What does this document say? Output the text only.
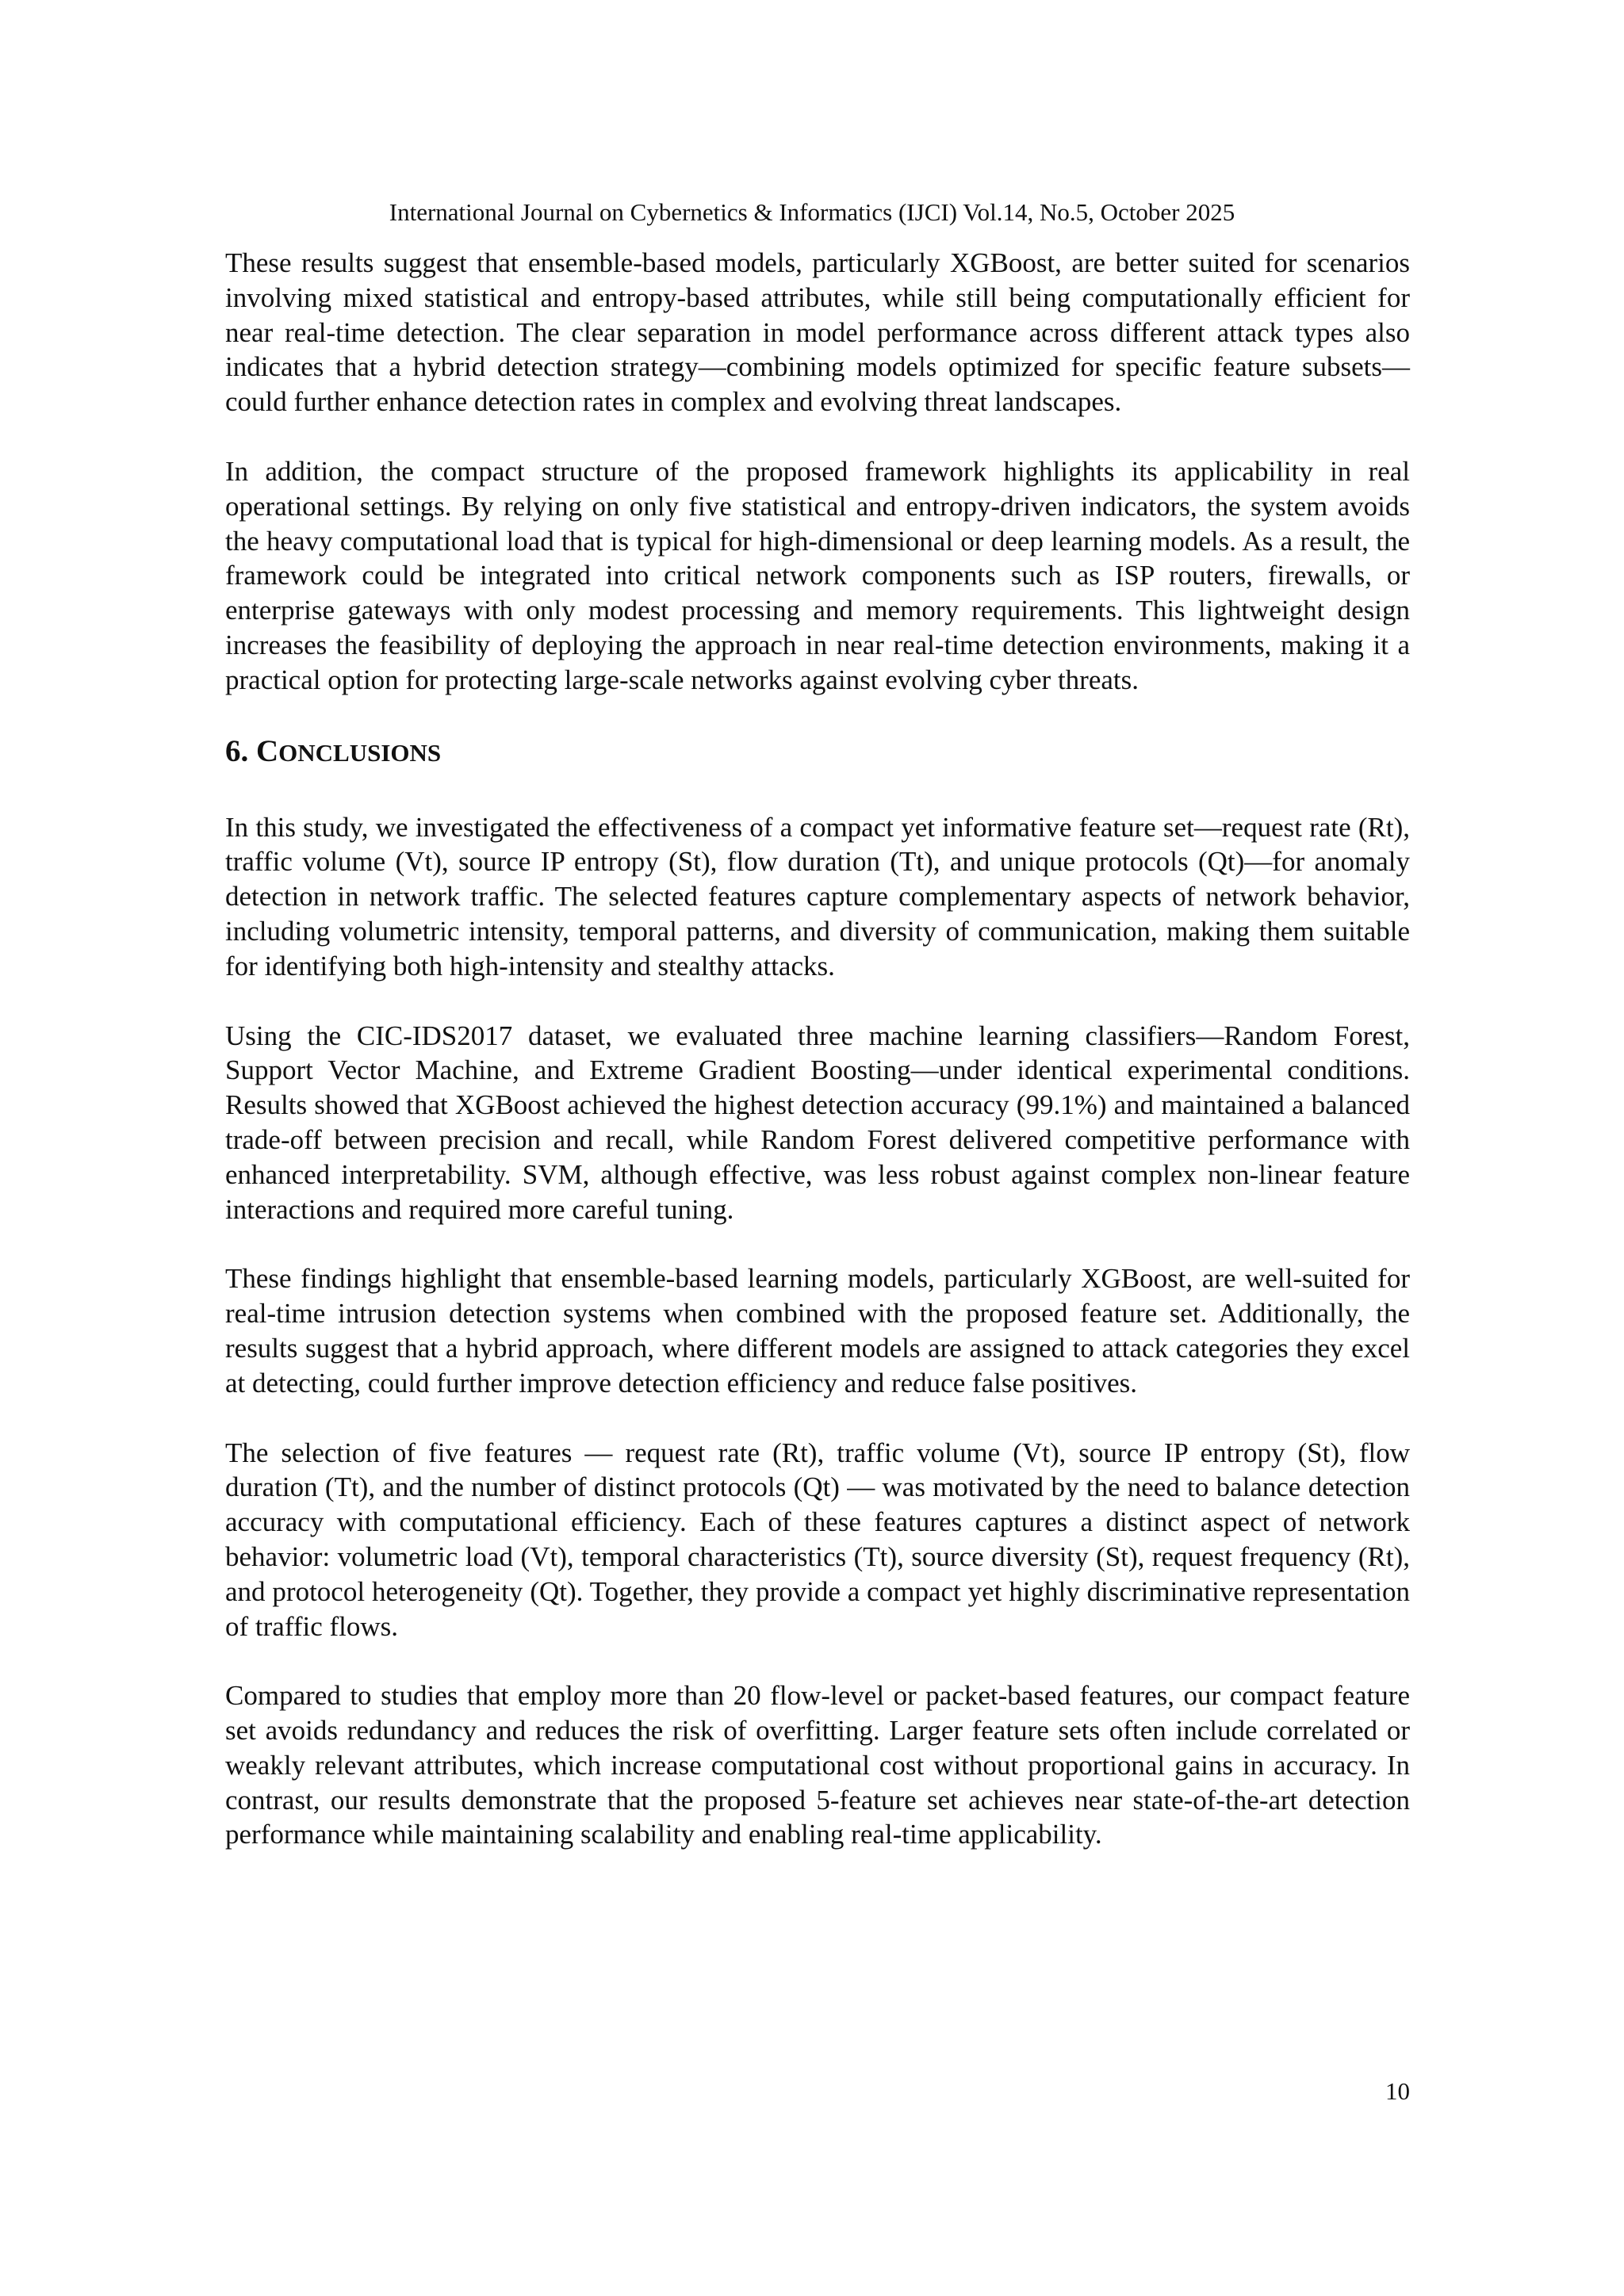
International Journal on Cybernetics & Informatics (IJCI) Vol.14, No.5, October 2025

These results suggest that ensemble-based models, particularly XGBoost, are better suited for scenarios involving mixed statistical and entropy-based attributes, while still being computationally efficient for near real-time detection. The clear separation in model performance across different attack types also indicates that a hybrid detection strategy—combining models optimized for specific feature subsets—could further enhance detection rates in complex and evolving threat landscapes.

In addition, the compact structure of the proposed framework highlights its applicability in real operational settings. By relying on only five statistical and entropy-driven indicators, the system avoids the heavy computational load that is typical for high-dimensional or deep learning models. As a result, the framework could be integrated into critical network components such as ISP routers, firewalls, or enterprise gateways with only modest processing and memory requirements. This lightweight design increases the feasibility of deploying the approach in near real-time detection environments, making it a practical option for protecting large-scale networks against evolving cyber threats.

6. CONCLUSIONS

In this study, we investigated the effectiveness of a compact yet informative feature set—request rate (Rt), traffic volume (Vt), source IP entropy (St), flow duration (Tt), and unique protocols (Qt)—for anomaly detection in network traffic. The selected features capture complementary aspects of network behavior, including volumetric intensity, temporal patterns, and diversity of communication, making them suitable for identifying both high-intensity and stealthy attacks.

Using the CIC-IDS2017 dataset, we evaluated three machine learning classifiers—Random Forest, Support Vector Machine, and Extreme Gradient Boosting—under identical experimental conditions. Results showed that XGBoost achieved the highest detection accuracy (99.1%) and maintained a balanced trade-off between precision and recall, while Random Forest delivered competitive performance with enhanced interpretability. SVM, although effective, was less robust against complex non-linear feature interactions and required more careful tuning.

These findings highlight that ensemble-based learning models, particularly XGBoost, are well-suited for real-time intrusion detection systems when combined with the proposed feature set. Additionally, the results suggest that a hybrid approach, where different models are assigned to attack categories they excel at detecting, could further improve detection efficiency and reduce false positives.

The selection of five features — request rate (Rt), traffic volume (Vt), source IP entropy (St), flow duration (Tt), and the number of distinct protocols (Qt) — was motivated by the need to balance detection accuracy with computational efficiency. Each of these features captures a distinct aspect of network behavior: volumetric load (Vt), temporal characteristics (Tt), source diversity (St), request frequency (Rt), and protocol heterogeneity (Qt). Together, they provide a compact yet highly discriminative representation of traffic flows.

Compared to studies that employ more than 20 flow-level or packet-based features, our compact feature set avoids redundancy and reduces the risk of overfitting. Larger feature sets often include correlated or weakly relevant attributes, which increase computational cost without proportional gains in accuracy. In contrast, our results demonstrate that the proposed 5-feature set achieves near state-of-the-art detection performance while maintaining scalability and enabling real-time applicability.

10
